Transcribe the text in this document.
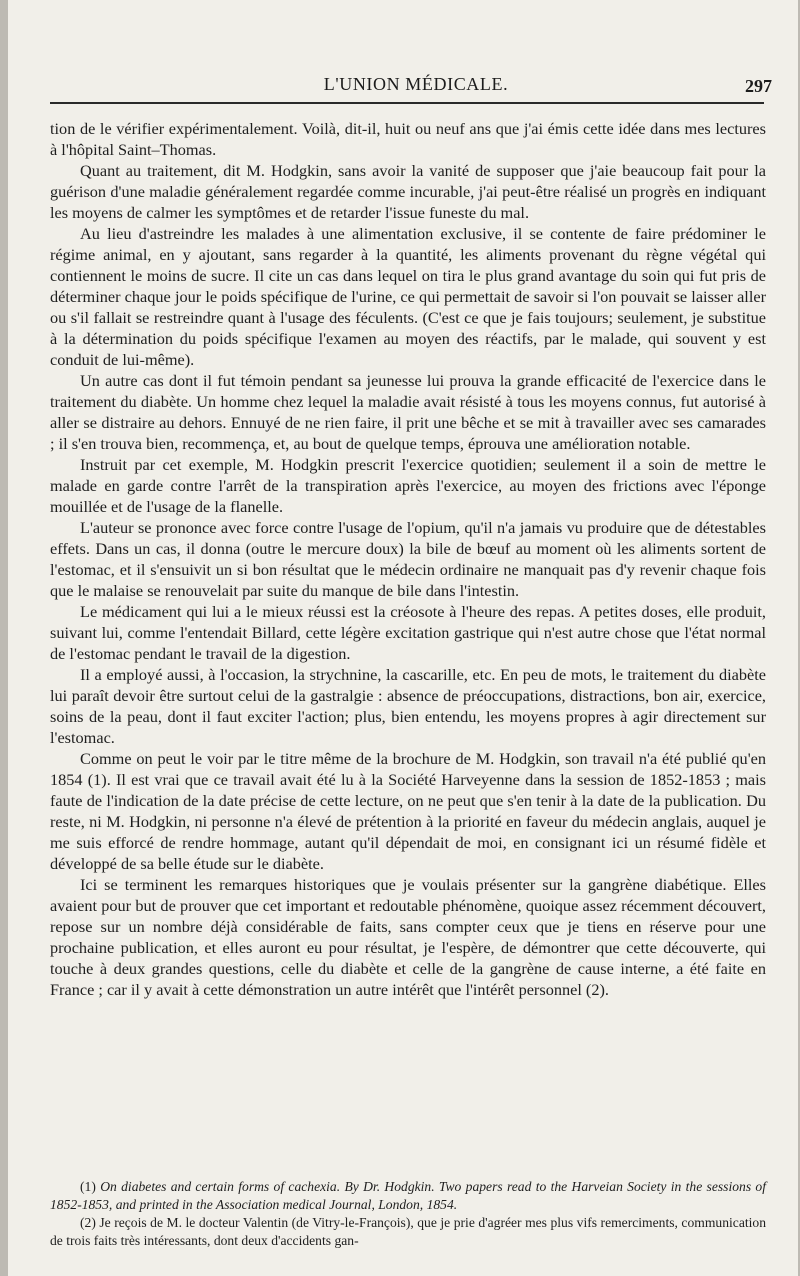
L'UNION MÉDICALE.	297

tion de le vérifier expérimentalement. Voilà, dit-il, huit ou neuf ans que j'ai émis cette idée dans mes lectures à l'hôpital Saint–Thomas.

Quant au traitement, dit M. Hodgkin, sans avoir la vanité de supposer que j'aie beaucoup fait pour la guérison d'une maladie généralement regardée comme incurable, j'ai peut-être réalisé un progrès en indiquant les moyens de calmer les symptômes et de retarder l'issue funeste du mal.

Au lieu d'astreindre les malades à une alimentation exclusive, il se contente de faire prédominer le régime animal, en y ajoutant, sans regarder à la quantité, les aliments provenant du règne végétal qui contiennent le moins de sucre. Il cite un cas dans lequel on tira le plus grand avantage du soin qui fut pris de déterminer chaque jour le poids spécifique de l'urine, ce qui permettait de savoir si l'on pouvait se laisser aller ou s'il fallait se restreindre quant à l'usage des féculents. (C'est ce que je fais toujours; seulement, je substitue à la détermination du poids spécifique l'examen au moyen des réactifs, par le malade, qui souvent y est conduit de lui-même).

Un autre cas dont il fut témoin pendant sa jeunesse lui prouva la grande efficacité de l'exercice dans le traitement du diabète. Un homme chez lequel la maladie avait résisté à tous les moyens connus, fut autorisé à aller se distraire au dehors. Ennuyé de ne rien faire, il prit une bêche et se mit à travailler avec ses camarades ; il s'en trouva bien, recommença, et, au bout de quelque temps, éprouva une amélioration notable.

Instruit par cet exemple, M. Hodgkin prescrit l'exercice quotidien; seulement il a soin de mettre le malade en garde contre l'arrêt de la transpiration après l'exercice, au moyen des frictions avec l'éponge mouillée et de l'usage de la flanelle.

L'auteur se prononce avec force contre l'usage de l'opium, qu'il n'a jamais vu produire que de détestables effets. Dans un cas, il donna (outre le mercure doux) la bile de bœuf au moment où les aliments sortent de l'estomac, et il s'ensuivit un si bon résultat que le médecin ordinaire ne manquait pas d'y revenir chaque fois que le malaise se renouvelait par suite du manque de bile dans l'intestin.

Le médicament qui lui a le mieux réussi est la créosote à l'heure des repas. A petites doses, elle produit, suivant lui, comme l'entendait Billard, cette légère excitation gastrique qui n'est autre chose que l'état normal de l'estomac pendant le travail de la digestion.

Il a employé aussi, à l'occasion, la strychnine, la cascarille, etc. En peu de mots, le traitement du diabète lui paraît devoir être surtout celui de la gastralgie : absence de préoccupations, distractions, bon air, exercice, soins de la peau, dont il faut exciter l'action; plus, bien entendu, les moyens propres à agir directement sur l'estomac.

Comme on peut le voir par le titre même de la brochure de M. Hodgkin, son travail n'a été publié qu'en 1854 (1). Il est vrai que ce travail avait été lu à la Société Harveyenne dans la session de 1852-1853 ; mais faute de l'indication de la date précise de cette lecture, on ne peut que s'en tenir à la date de la publication. Du reste, ni M. Hodgkin, ni personne n'a élevé de prétention à la priorité en faveur du médecin anglais, auquel je me suis efforcé de rendre hommage, autant qu'il dépendait de moi, en consignant ici un résumé fidèle et développé de sa belle étude sur le diabète.

Ici se terminent les remarques historiques que je voulais présenter sur la gangrène diabétique. Elles avaient pour but de prouver que cet important et redoutable phénomène, quoique assez récemment découvert, repose sur un nombre déjà considérable de faits, sans compter ceux que je tiens en réserve pour une prochaine publication, et elles auront eu pour résultat, je l'espère, de démontrer que cette découverte, qui touche à deux grandes questions, celle du diabète et celle de la gangrène de cause interne, a été faite en France ; car il y avait à cette démonstration un autre intérêt que l'intérêt personnel (2).

(1) On diabetes and certain forms of cachexia. By Dr. Hodgkin. Two papers read to the Harveian Society in the sessions of 1852-1853, and printed in the Association medical Journal, London, 1854.

(2) Je reçois de M. le docteur Valentin (de Vitry-le-François), que je prie d'agréer mes plus vifs remerciments, communication de trois faits très intéressants, dont deux d'accidents gan-
